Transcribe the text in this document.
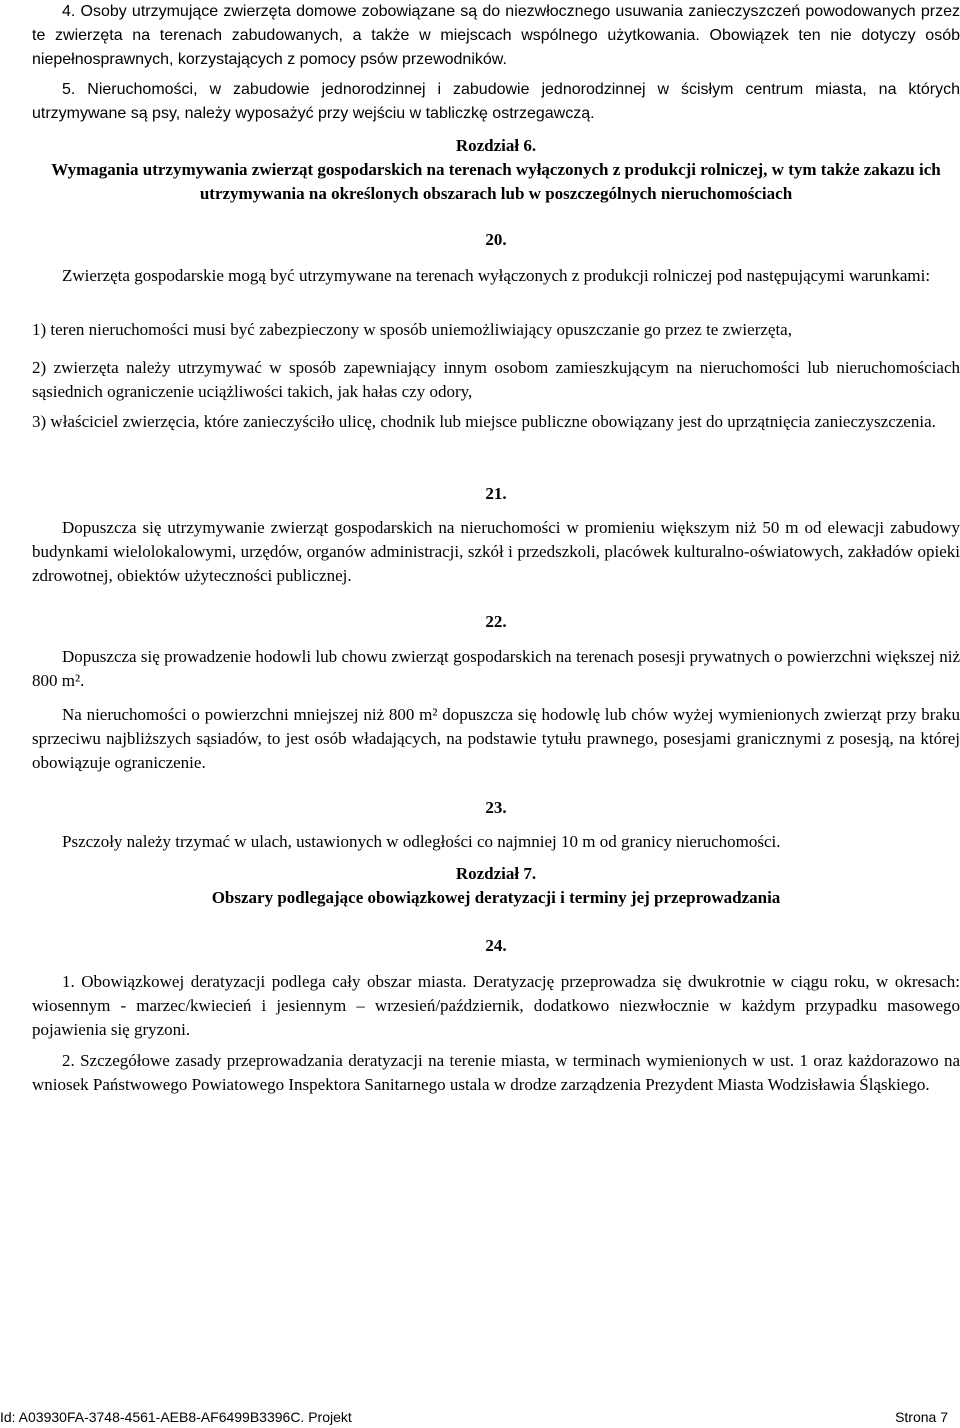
4. Osoby utrzymujące zwierzęta domowe zobowiązane są do niezwłocznego usuwania zanieczyszczeń powodowanych przez te zwierzęta na terenach zabudowanych, a także w miejscach wspólnego użytkowania. Obowiązek ten nie dotyczy osób niepełnosprawnych, korzystających z pomocy psów przewodników.

5. Nieruchomości, w zabudowie jednorodzinnej i zabudowie jednorodzinnej w ścisłym centrum miasta, na których utrzymywane są psy, należy wyposażyć przy wejściu w tabliczkę ostrzegawczą.

Rozdział 6.

Wymagania utrzymywania zwierząt gospodarskich na terenach wyłączonych z produkcji rolniczej, w tym także zakazu ich utrzymywania na określonych obszarach lub w poszczególnych nieruchomościach

20.

Zwierzęta gospodarskie mogą być utrzymywane na terenach wyłączonych z produkcji rolniczej pod następującymi warunkami:

1) teren nieruchomości musi być zabezpieczony w sposób uniemożliwiający opuszczanie go przez te zwierzęta,

2) zwierzęta należy utrzymywać w sposób zapewniający innym osobom zamieszkującym na nieruchomości lub nieruchomościach sąsiednich ograniczenie uciążliwości takich, jak hałas czy odory,

3) właściciel zwierzęcia, które zanieczyściło ulicę, chodnik lub miejsce publiczne obowiązany jest do uprzątnięcia zanieczyszczenia.

21.

Dopuszcza się utrzymywanie zwierząt gospodarskich na nieruchomości w promieniu większym niż 50 m od elewacji zabudowy budynkami wielolokalowymi, urzędów, organów administracji, szkół i przedszkoli, placówek kulturalno-oświatowych, zakładów opieki zdrowotnej, obiektów użyteczności publicznej.

22.

Dopuszcza się prowadzenie hodowli lub chowu zwierząt gospodarskich na terenach posesji prywatnych o powierzchni większej niż 800 m².

Na nieruchomości o powierzchni mniejszej niż 800 m² dopuszcza się hodowlę lub chów wyżej wymienionych zwierząt przy braku sprzeciwu najbliższych sąsiadów, to jest osób władających, na podstawie tytułu prawnego, posesjami granicznymi z posesją, na której obowiązuje ograniczenie.

23.

Pszczoły należy trzymać w ulach, ustawionych w odległości co najmniej 10 m od granicy nieruchomości.

Rozdział 7.

Obszary podlegające obowiązkowej deratyzacji i terminy jej przeprowadzania

24.

1. Obowiązkowej deratyzacji podlega cały obszar miasta. Deratyzację przeprowadza się dwukrotnie w ciągu roku, w okresach: wiosennym - marzec/kwiecień i jesiennym – wrzesień/październik, dodatkowo niezwłocznie w każdym przypadku masowego pojawienia się gryzoni.

2. Szczegółowe zasady przeprowadzania deratyzacji na terenie miasta, w terminach wymienionych w ust. 1 oraz każdorazowo na wniosek Państwowego Powiatowego Inspektora Sanitarnego ustala w drodze zarządzenia Prezydent Miasta Wodzisławia Śląskiego.

Id: A03930FA-3748-4561-AEB8-AF6499B3396C. Projekt	Strona 7
